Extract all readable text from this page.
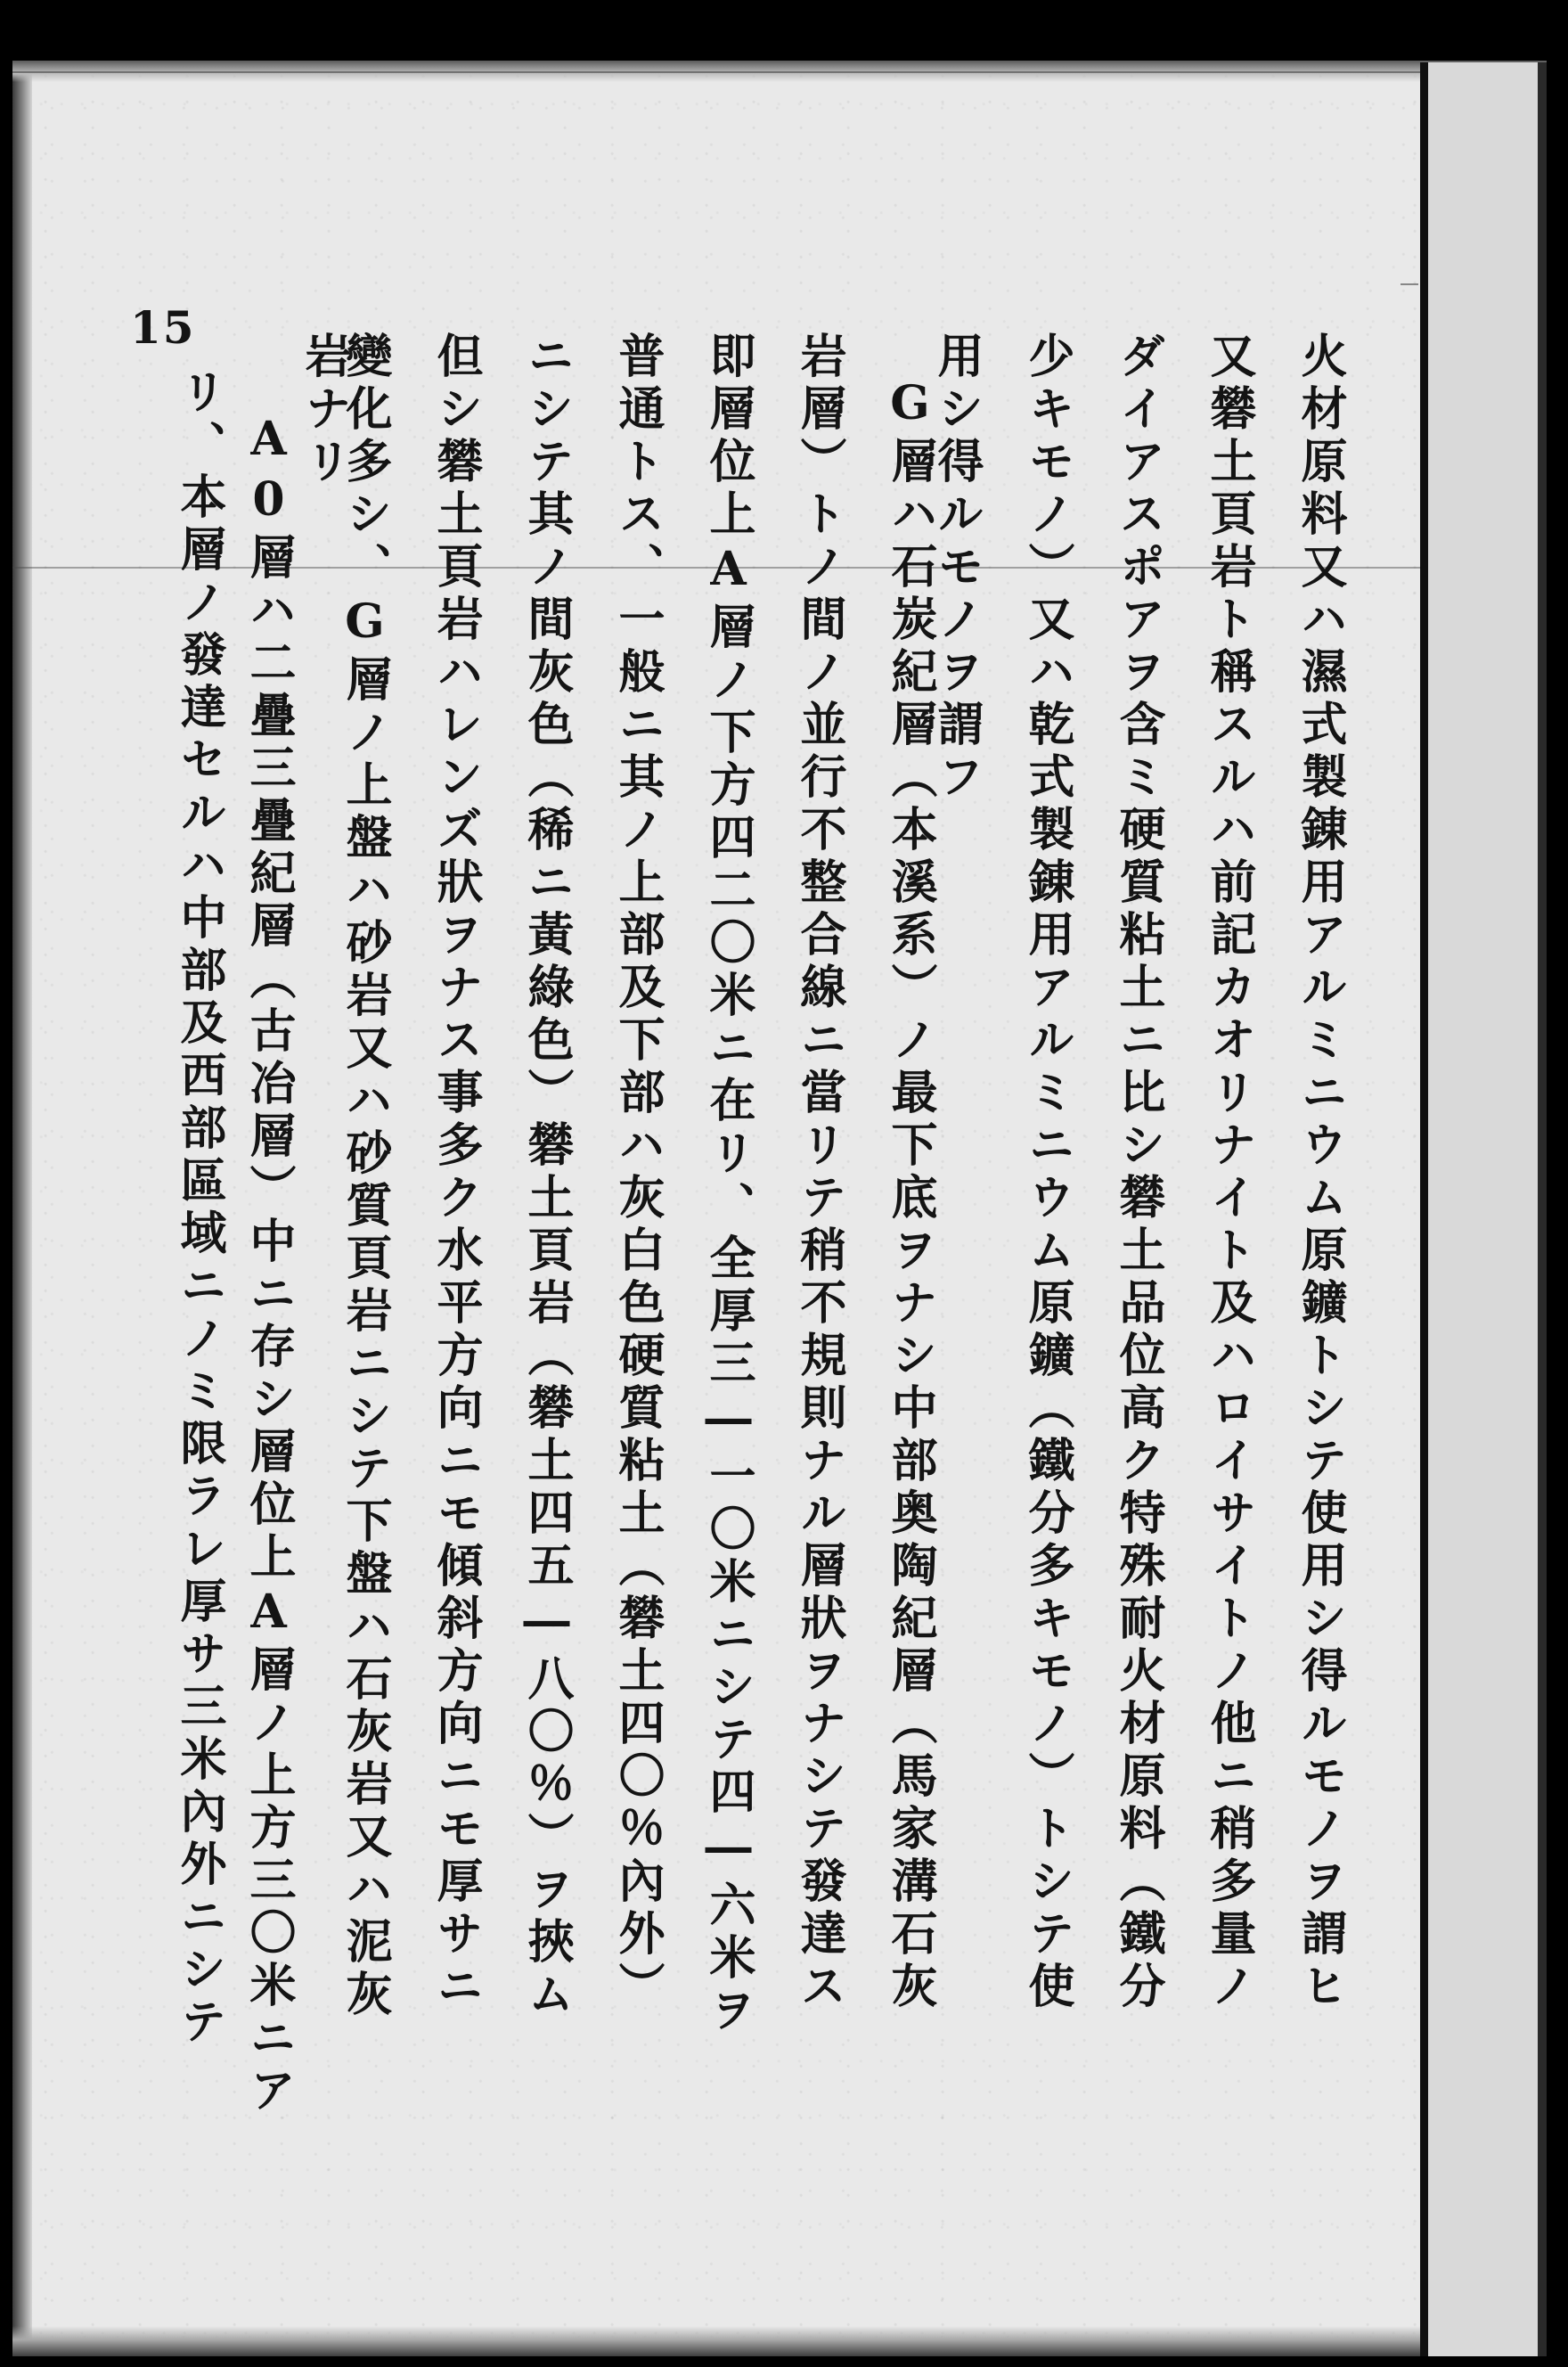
15
火材原料又ハ濕式製錬用アルミニウム原鑛トシテ使用シ得ルモノヲ謂ヒ
又礬土頁岩ト稱スルハ前記カオリナイト及ハロイサイトノ他ニ稍多量ノ
ダイアスポアヲ含ミ硬質粘土ニ比シ礬土品位高ク特殊耐火材原料（鐵分
少キモノ）又ハ乾式製錬用アルミニウム原鑛（鐵分多キモノ）トシテ使
用シ得ルモノヲ謂フ
G層ハ石炭紀層（本溪系）ノ最下底ヲナシ中部奥陶紀層（馬家溝石灰
岩層）トノ間ノ並行不整合線ニ當リテ稍不規則ナル層狀ヲナシテ發達ス
即層位上A層ノ下方四二〇米ニ在リ、全厚三―一〇米ニシテ四―六米ヲ
普通トス、一般ニ其ノ上部及下部ハ灰白色硬質粘土（礬土四〇％內外）
ニシテ其ノ間灰色（稀ニ黃綠色）礬土頁岩（礬土四五―八〇％）ヲ挾ム
但シ礬土頁岩ハレンズ狀ヲナス事多ク水平方向ニモ傾斜方向ニモ厚サニ
變化多シ、G層ノ上盤ハ砂岩又ハ砂質頁岩ニシテ下盤ハ石灰岩又ハ泥灰
岩ナリ
A0層ハ二疊三疊紀層（古冶層）中ニ存シ層位上A層ノ上方三〇米ニア
リ、本層ノ發達セルハ中部及西部區域ニノミ限ラレ厚サ三米內外ニシテ
